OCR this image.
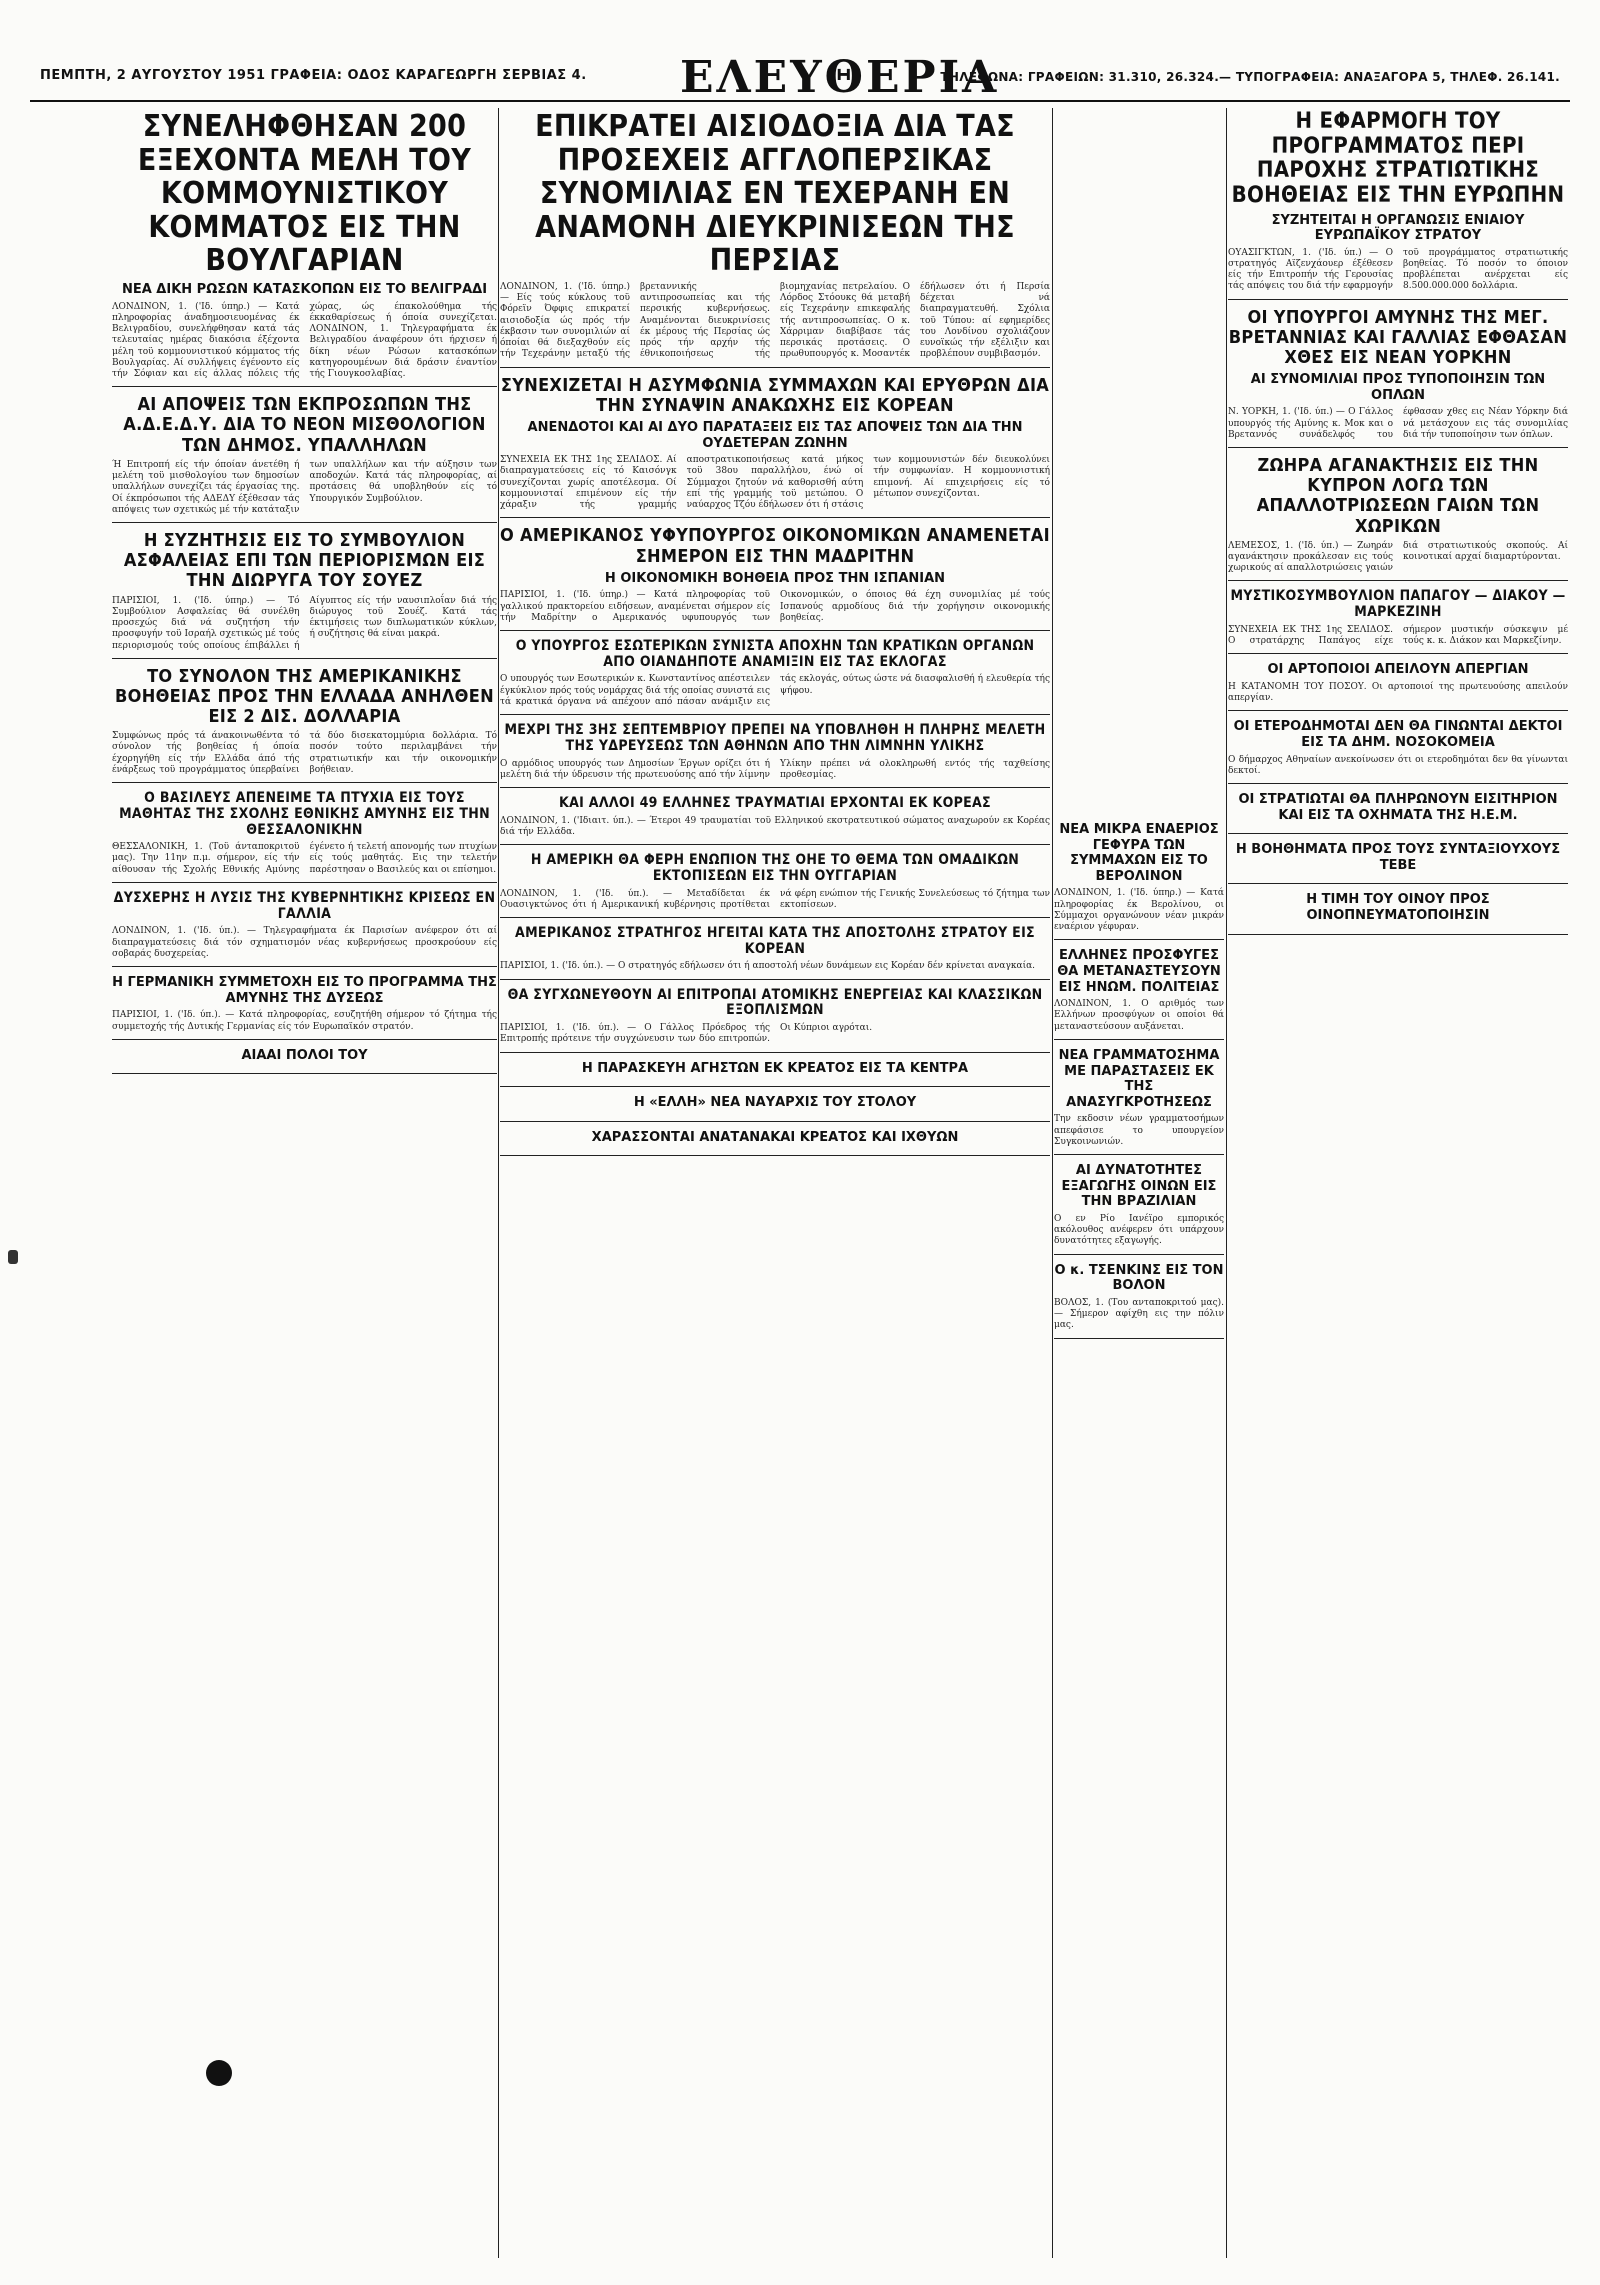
ΠΕΜΠΤΗ, 2 ΑΥΓΟΥΣΤΟΥ 1951 ΓΡΑΦΕΙΑ: ΟΔΟΣ ΚΑΡΑΓΕΩΡΓΗ ΣΕΡΒΙΑΣ 4. ΕΛΕΥΘΕΡΙΑ
ΤΗΛΕΦΩΝΑ: ΓΡΑΦΕΙΩΝ: 31.310, 26.324.— ΤΥΠΟΓΡΑΦΕΙΑ: ΑΝΑΞΑΓΟΡΑ 5, ΤΗΛΕΦ. 26.141.
ΣΥΝΕΛΗΦΘΗΣΑΝ 200 ΕΞΕΧΟΝΤΑ ΜΕΛΗ ΤΟΥ ΚΟΜΜΟΥΝΙΣΤΙΚΟΥ ΚΟΜΜΑΤΟΣ ΕΙΣ ΤΗΝ ΒΟΥΛΓΑΡΙΑΝ
ΝΕΑ ΔΙΚΗ ΡΩΣΩΝ ΚΑΤΑΣΚΟΠΩΝ ΕΙΣ ΤΟ ΒΕΛΙΓΡΑΔΙ

ΛΟΝΔΙΝΟΝ, 1. ('Ιδ. ύπηρ.) — Κατά πληροφορίας άναδημοσιευομένας έκ Βελιγραδίου, συνελήφθησαν κατά τάς τελευταίας ημέρας διακόσια έξέχοντα μέλη τοϋ κομμουνιστικού κόμματος τής Βουλγαρίας. Αί συλλήψεις έγένοντο είς τήν Σόφιαν και είς άλλας πόλεις τής χώρας, ώς έπακολούθημα τής έκκαθαρίσεως ή όποία συνεχίζεται. ΛΟΝΔΙΝΟΝ, 1. Τηλεγραφήματα έκ Βελιγραδίου άναφέρουν ότι ήρχισεν ή δίκη νέων Ρώσων κατασκόπων κατηγορουμένων διά δράσιν έναντίον τής Γιουγκοσλαβίας.

ΑΙ ΑΠΟΨΕΙΣ ΤΩΝ ΕΚΠΡΟΣΩΠΩΝ ΤΗΣ Α.Δ.Ε.Δ.Υ. ΔΙΑ ΤΟ ΝΕΟΝ ΜΙΣΘΟΛΟΓΙΟΝ ΤΩΝ ΔΗΜΟΣ. ΥΠΑΛΛΗΛΩΝ

Ή Επιτροπή είς τήν όποίαν άνετέθη ή μελέτη τοϋ μισθολογίου των δημοσίων υπαλλήλων συνεχίζει τάς έργασίας της. Οί έκπρόσωποι τής ΑΔΕΔΥ έξέθεσαν τάς απόψεις των σχετικώς μέ τήν κατάταξιν των υπαλλήλων και τήν αύξησιν των αποδοχών. Κατά τάς πληροφορίας, αί προτάσεις θά υποβληθούν είς τό Υπουργικόν Συμβούλιον.

Η ΣΥΖΗΤΗΣΙΣ ΕΙΣ ΤΟ ΣΥΜΒΟΥΛΙΟΝ ΑΣΦΑΛΕΙΑΣ ΕΠΙ ΤΩΝ ΠΕΡΙΟΡΙΣΜΩΝ ΕΙΣ ΤΗΝ ΔΙΩΡΥΓΑ ΤΟΥ ΣΟΥΕΖ

ΠΑΡΙΣΙΟΙ, 1. ('Ιδ. ύπηρ.) — Τό Συμβούλιον Ασφαλείας θά συνέλθη προσεχώς διά νά συζητήση τήν προσφυγήν τοϋ Ισραήλ σχετικώς μέ τούς περιορισμούς τούς οποίους έπιβάλλει ή Αίγυπτος είς τήν ναυσιπλοΐαν διά τής διώρυγος τοϋ Σουέζ. Κατά τάς έκτιμήσεις των διπλωματικών κύκλων, ή συζήτησις θά είναι μακρά.

ΤΟ ΣΥΝΟΛΟΝ ΤΗΣ ΑΜΕΡΙΚΑΝΙΚΗΣ ΒΟΗΘΕΙΑΣ ΠΡΟΣ ΤΗΝ ΕΛΛΑΔΑ ΑΝΗΛΘΕΝ ΕΙΣ 2 ΔΙΣ. ΔΟΛΛΑΡΙΑ

Συμφώνως πρός τά άνακοινωθέντα τό σύνολον τής βοηθείας ή όποία έχορηγήθη είς τήν Ελλάδα άπό τής ένάρξεως τοϋ προγράμματος ύπερβαίνει τά δύο δισεκατομμύρια δολλάρια. Τό ποσόν τούτο περιλαμβάνει τήν στρατιωτικήν και τήν οικονομικήν βοήθειαν.

Ο ΒΑΣΙΛΕΥΣ ΑΠΕΝΕΙΜΕ ΤΑ ΠΤΥΧΙΑ ΕΙΣ ΤΟΥΣ ΜΑΘΗΤΑΣ ΤΗΣ ΣΧΟΛΗΣ ΕΘΝΙΚΗΣ ΑΜΥΝΗΣ ΕΙΣ ΤΗΝ ΘΕΣΣΑΛΟΝΙΚΗΝ

ΘΕΣΣΑΛΟΝΙΚΗ, 1. (Τοϋ άνταποκριτοϋ μας). Την 11ην π.μ. σήμερον, είς τήν αίθουσαν τής Σχολής Εθνικής Αμύνης έγένετο ή τελετή απονομής των πτυχίων είς τούς μαθητάς. Εις την τελετήν παρέστησαν ο Βασιλεύς και οι επίσημοι.

ΔΥΣΧΕΡΗΣ Η ΛΥΣΙΣ ΤΗΣ ΚΥΒΕΡΝΗΤΙΚΗΣ ΚΡΙΣΕΩΣ ΕΝ ΓΑΛΛΙΑ

ΛΟΝΔΙΝΟΝ, 1. ('Ιδ. ύπ.). — Τηλεγραφήματα έκ Παρισίων ανέφερον ότι αί διαπραγματεύσεις διά τόν σχηματισμόν νέας κυβερνήσεως προσκρούουν είς σοβαράς δυσχερείας.

Η ΓΕΡΜΑΝΙΚΗ ΣΥΜΜΕΤΟΧΗ ΕΙΣ ΤΟ ΠΡΟΓΡΑΜΜΑ ΤΗΣ ΑΜΥΝΗΣ ΤΗΣ ΔΥΣΕΩΣ

ΠΑΡΙΣΙΟΙ, 1. ('Ιδ. ύπ.). — Κατά πληροφορίας, εσυζητήθη σήμερον τό ζήτημα τής συμμετοχής τής Δυτικής Γερμανίας είς τόν Ευρωπαϊκόν στρατόν.

ΑΙΑΑΙ ΠΟΛΟΙ ΤΟΥ
ΕΠΙΚΡΑΤΕΙ ΑΙΣΙΟΔΟΞΙΑ ΔΙΑ ΤΑΣ ΠΡΟΣΕΧΕΙΣ ΑΓΓΛΟΠΕΡΣΙΚΑΣ ΣΥΝΟΜΙΛΙΑΣ ΕΝ ΤΕΧΕΡΑΝΗ ΕΝ ΑΝΑΜΟΝΗ ΔΙΕΥΚΡΙΝΙΣΕΩΝ ΤΗΣ ΠΕΡΣΙΑΣ

ΛΟΝΔΙΝΟΝ, 1. ('Ιδ. ύπηρ.) — Είς τούς κύκλους τοϋ Φόρεϊν Όφφις επικρατεί αισιοδοξία ώς πρός τήν έκβασιν των συνομιλιών αί όποίαι θά διεξαχθούν είς τήν Τεχεράνην μεταξύ τής βρεταννικής αντιπροσωπείας και τής περσικής κυβερνήσεως. Αναμένονται διευκρινίσεις έκ μέρους τής Περσίας ώς πρός τήν αρχήν τής έθνικοποιήσεως τής βιομηχανίας πετρελαίου. Ο Λόρδος Στόουκς θά μεταβή είς Τεχεράνην επικεφαλής τής αντιπροσωπείας. Ο κ. Χάρριμαν διαβίβασε τάς περσικάς προτάσεις. Ο πρωθυπουργός κ. Μοσαντέκ έδήλωσεν ότι ή Περσία δέχεται νά διαπραγματευθή. Σχόλια τοϋ Τύπου: αί εφημερίδες του Λονδίνου σχολιάζουν ευνοϊκώς τήν εξέλιξιν και προβλέπουν συμβιβασμόν.

ΣΥΝΕΧΙΖΕΤΑΙ Η ΑΣΥΜΦΩΝΙΑ ΣΥΜΜΑΧΩΝ ΚΑΙ ΕΡΥΘΡΩΝ ΔΙΑ ΤΗΝ ΣΥΝΑΨΙΝ ΑΝΑΚΩΧΗΣ ΕΙΣ ΚΟΡΕΑΝ
ΑΝΕΝΔΟΤΟΙ ΚΑΙ ΑΙ ΔΥΟ ΠΑΡΑΤΑΞΕΙΣ ΕΙΣ ΤΑΣ ΑΠΟΨΕΙΣ ΤΩΝ ΔΙΑ ΤΗΝ ΟΥΔΕΤΕΡΑΝ ΖΩΝΗΝ

ΣΥΝΕΧΕΙΑ ΕΚ ΤΗΣ 1ης ΣΕΛΙΔΟΣ. Αί διαπραγματεύσεις είς τό Καισόνγκ συνεχίζονται χωρίς αποτέλεσμα. Οί κομμουνισταί επιμένουν είς τήν χάραξιν τής γραμμής αποστρατικοποιήσεως κατά μήκος τοϋ 38ου παραλλήλου, ένώ οί Σύμμαχοι ζητούν νά καθορισθή αύτη επί τής γραμμής τοϋ μετώπου. Ο ναύαρχος Τζόυ έδήλωσεν ότι ή στάσις των κομμουνιστών δέν διευκολύνει τήν συμφωνίαν. Η κομμουνιστική επιμονή. Αί επιχειρήσεις είς τό μέτωπον συνεχίζονται.

Ο ΑΜΕΡΙΚΑΝΟΣ ΥΦΥΠΟΥΡΓΟΣ ΟΙΚΟΝΟΜΙΚΩΝ ΑΝΑΜΕΝΕΤΑΙ ΣΗΜΕΡΟΝ ΕΙΣ ΤΗΝ ΜΑΔΡΙΤΗΝ
Η ΟΙΚΟΝΟΜΙΚΗ ΒΟΗΘΕΙΑ ΠΡΟΣ ΤΗΝ ΙΣΠΑΝΙΑΝ

ΠΑΡΙΣΙΟΙ, 1. ('Ιδ. ύπηρ.) — Κατά πληροφορίας τοϋ γαλλικού πρακτορείου ειδήσεων, αναμένεται σήμερον είς τήν Μαδρίτην ο Αμερικανός υφυπουργός των Οικονομικών, ο όποιος θά έχη συνομιλίας μέ τούς Ισπανούς αρμοδίους διά τήν χορήγησιν οικονομικής βοηθείας.

Ο ΥΠΟΥΡΓΟΣ ΕΣΩΤΕΡΙΚΩΝ ΣΥΝΙΣΤΑ ΑΠΟΧΗΝ ΤΩΝ ΚΡΑΤΙΚΩΝ ΟΡΓΑΝΩΝ ΑΠΟ ΟΙΑΝΔΗΠΟΤΕ ΑΝΑΜΙΞΙΝ ΕΙΣ ΤΑΣ ΕΚΛΟΓΑΣ

Ο υπουργός των Εσωτερικών κ. Κωνσταντίνος απέστειλεν έγκύκλιον πρός τούς νομάρχας διά τής οποίας συνιστά εις τά κρατικά όργανα νά απέχουν από πάσαν ανάμιξιν εις τάς εκλογάς, ούτως ώστε νά διασφαλισθή ή ελευθερία τής ψήφου.

ΜΕΧΡΙ ΤΗΣ 3ΗΣ ΣΕΠΤΕΜΒΡΙΟΥ ΠΡΕΠΕΙ ΝΑ ΥΠΟΒΛΗΘΗ Η ΠΛΗΡΗΣ ΜΕΛΕΤΗ ΤΗΣ ΥΔΡΕΥΣΕΩΣ ΤΩΝ ΑΘΗΝΩΝ ΑΠΟ ΤΗΝ ΛΙΜΝΗΝ ΥΛΙΚΗΣ

Ο αρμόδιος υπουργός των Δημοσίων Έργων ορίζει ότι ή μελέτη διά τήν ύδρευσιν τής πρωτευούσης από τήν λίμνην Υλίκην πρέπει νά ολοκληρωθή εντός τής ταχθείσης προθεσμίας.

ΚΑΙ ΑΛΛΟΙ 49 ΕΛΛΗΝΕΣ ΤΡΑΥΜΑΤΙΑΙ ΕΡΧΟΝΤΑΙ ΕΚ ΚΟΡΕΑΣ

ΛΟΝΔΙΝΟΝ, 1. ('Ιδιαιτ. ύπ.). — Έτεροι 49 τραυματίαι τοϋ Ελληνικού εκστρατευτικού σώματος αναχωρούν εκ Κορέας διά τήν Ελλάδα.

Η ΑΜΕΡΙΚΗ ΘΑ ΦΕΡΗ ΕΝΩΠΙΟΝ ΤΗΣ ΟΗΕ ΤΟ ΘΕΜΑ ΤΩΝ ΟΜΑΔΙΚΩΝ ΕΚΤΟΠΙΣΕΩΝ ΕΙΣ ΤΗΝ ΟΥΓΓΑΡΙΑΝ

ΛΟΝΔΙΝΟΝ, 1. ('Ιδ. ύπ.). — Μεταδίδεται έκ Ουασιγκτώνος ότι ή Αμερικανική κυβέρνησις προτίθεται νά φέρη ενώπιον τής Γενικής Συνελεύσεως τό ζήτημα των εκτοπίσεων.

ΑΜΕΡΙΚΑΝΟΣ ΣΤΡΑΤΗΓΟΣ ΗΓΕΙΤΑΙ ΚΑΤΑ ΤΗΣ ΑΠΟΣΤΟΛΗΣ ΣΤΡΑΤΟΥ ΕΙΣ ΚΟΡΕΑΝ

ΠΑΡΙΣΙΟΙ, 1. ('Ιδ. ύπ.). — Ο στρατηγός εδήλωσεν ότι ή αποστολή νέων δυνάμεων εις Κορέαν δέν κρίνεται αναγκαία.

ΘΑ ΣΥΓΧΩΝΕΥΘΟΥΝ ΑΙ ΕΠΙΤΡΟΠΑΙ ΑΤΟΜΙΚΗΣ ΕΝΕΡΓΕΙΑΣ ΚΑΙ ΚΛΑΣΣΙΚΩΝ ΕΞΟΠΛΙΣΜΩΝ

ΠΑΡΙΣΙΟΙ, 1. ('Ιδ. ύπ.). — Ο Γάλλος Πρόεδρος τής Επιτροπής πρότεινε τήν συγχώνευσιν των δύο επιτροπών. Οι Κύπριοι αγρόται.

Η ΠΑΡΑΣΚΕΥΗ ΑΓΗΣΤΩΝ ΕΚ ΚΡΕΑΤΟΣ ΕΙΣ ΤΑ ΚΕΝΤΡΑ
Η «ΕΛΛΗ» ΝΕΑ ΝΑΥΑΡΧΙΣ ΤΟΥ ΣΤΟΛΟΥ
ΧΑΡΑΣΣΟΝΤΑΙ ΑΝΑΤΑΝΑΚΑΙ ΚΡΕΑΤΟΣ ΚΑΙ ΙΧΘΥΩΝ
ΝΕΑ ΜΙΚΡΑ ΕΝΑΕΡΙΟΣ ΓΕΦΥΡΑ ΤΩΝ ΣΥΜΜΑΧΩΝ ΕΙΣ ΤΟ ΒΕΡΟΛΙΝΟΝ

ΛΟΝΔΙΝΟΝ, 1. ('Ιδ. ύπηρ.) — Κατά πληροφορίας έκ Βερολίνου, οι Σύμμαχοι οργανώνουν νέαν μικράν εναέριον γέφυραν.

ΕΛΛΗΝΕΣ ΠΡΟΣΦΥΓΕΣ ΘΑ ΜΕΤΑΝΑΣΤΕΥΣΟΥΝ ΕΙΣ ΗΝΩΜ. ΠΟΛΙΤΕΙΑΣ

ΛΟΝΔΙΝΟΝ, 1. Ο αριθμός των Ελλήνων προσφύγων οι οποίοι θά μεταναστεύσουν αυξάνεται.

ΝΕΑ ΓΡΑΜΜΑΤΟΣΗΜΑ ΜΕ ΠΑΡΑΣΤΑΣΕΙΣ ΕΚ ΤΗΣ ΑΝΑΣΥΓΚΡΟΤΗΣΕΩΣ

Την εκδοσιν νέων γραμματοσήμων απεφάσισε το υπουργείον Συγκοινωνιών.

ΑΙ ΔΥΝΑΤΟΤΗΤΕΣ ΕΞΑΓΩΓΗΣ ΟΙΝΩΝ ΕΙΣ ΤΗΝ ΒΡΑΖΙΛΙΑΝ

Ο εν Ρίο Ιανέϊρο εμπορικός ακόλουθος ανέφερεν ότι υπάρχουν δυνατότητες εξαγωγής.

Ο κ. ΤΣΕΝΚΙΝΣ ΕΙΣ ΤΟΝ ΒΟΛΟΝ

ΒΟΛΟΣ, 1. (Του ανταποκριτού μας). — Σήμερον αφίχθη εις την πόλιν μας.

Η ΕΦΑΡΜΟΓΗ ΤΟΥ ΠΡΟΓΡΑΜΜΑΤΟΣ ΠΕΡΙ ΠΑΡΟΧΗΣ ΣΤΡΑΤΙΩΤΙΚΗΣ ΒΟΗΘΕΙΑΣ ΕΙΣ ΤΗΝ ΕΥΡΩΠΗΝ
ΣΥΖΗΤΕΙΤΑΙ Η ΟΡΓΑΝΩΣΙΣ ΕΝΙΑΙΟΥ ΕΥΡΩΠΑΪΚΟΥ ΣΤΡΑΤΟΥ

ΟΥΑΣΙΓΚΤΩΝ, 1. ('Ιδ. ύπ.) — Ο στρατηγός Αϊζενχάουερ έξέθεσεν είς τήν Επιτροπήν τής Γερουσίας τάς απόψεις του διά τήν εφαρμογήν τοϋ προγράμματος στρατιωτικής βοηθείας. Τό ποσόν το όποιον προβλέπεται ανέρχεται είς 8.500.000.000 δολλάρια.

ΟΙ ΥΠΟΥΡΓΟΙ ΑΜΥΝΗΣ ΤΗΣ ΜΕΓ. ΒΡΕΤΑΝΝΙΑΣ ΚΑΙ ΓΑΛΛΙΑΣ ΕΦΘΑΣΑΝ ΧΘΕΣ ΕΙΣ ΝΕΑΝ ΥΟΡΚΗΝ
ΑΙ ΣΥΝΟΜΙΛΙΑΙ ΠΡΟΣ ΤΥΠΟΠΟΙΗΣΙΝ ΤΩΝ ΟΠΛΩΝ

Ν. ΥΟΡΚΗ, 1. ('Ιδ. ύπ.) — Ο Γάλλος υπουργός τής Αμύνης κ. Μοκ και ο Βρεταννός συνάδελφός του έφθασαν χθες εις Νέαν Υόρκην διά νά μετάσχουν εις τάς συνομιλίας διά τήν τυποποίησιν των όπλων.

ΖΩΗΡΑ ΑΓΑΝΑΚΤΗΣΙΣ ΕΙΣ ΤΗΝ ΚΥΠΡΟΝ ΛΟΓΩ ΤΩΝ ΑΠΑΛΛΟΤΡΙΩΣΕΩΝ ΓΑΙΩΝ ΤΩΝ ΧΩΡΙΚΩΝ

ΛΕΜΕΣΟΣ, 1. ('Ιδ. ύπ.) — Ζωηράν αγανάκτησιν προκάλεσαν εις τούς χωρικούς αί απαλλοτριώσεις γαιών διά στρατιωτικούς σκοπούς. Αί κοινοτικαί αρχαί διαμαρτύρονται.

ΜΥΣΤΙΚΟΣΥΜΒΟΥΛΙΟΝ ΠΑΠΑΓΟΥ — ΔΙΑΚΟΥ — ΜΑΡΚΕΖΙΝΗ

ΣΥΝΕΧΕΙΑ ΕΚ ΤΗΣ 1ης ΣΕΛΙΔΟΣ. Ο στρατάρχης Παπάγος είχε σήμερον μυστικήν σύσκεψιν μέ τούς κ. κ. Διάκον και Μαρκεζίνην.

ΟΙ ΑΡΤΟΠΟΙΟΙ ΑΠΕΙΛΟΥΝ ΑΠΕΡΓΙΑΝ

Η ΚΑΤΑΝΟΜΗ ΤΟΥ ΠΟΣΟΥ. Οι αρτοποιοί της πρωτευούσης απειλούν απεργίαν.

ΟΙ ΕΤΕΡΟΔΗΜΟΤΑΙ ΔΕΝ ΘΑ ΓΙΝΩΝΤΑΙ ΔΕΚΤΟΙ ΕΙΣ ΤΑ ΔΗΜ. ΝΟΣΟΚΟΜΕΙΑ

Ο δήμαρχος Αθηναίων ανεκοίνωσεν ότι οι ετεροδημόται δεν θα γίνωνται δεκτοί.

ΟΙ ΣΤΡΑΤΙΩΤΑΙ ΘΑ ΠΛΗΡΩΝΟΥΝ ΕΙΣΙΤΗΡΙΟΝ ΚΑΙ ΕΙΣ ΤΑ ΟΧΗΜΑΤΑ ΤΗΣ Η.Ε.Μ.
Η ΒΟΗΘΗΜΑΤΑ ΠΡΟΣ ΤΟΥΣ ΣΥΝΤΑΞΙΟΥΧΟΥΣ ΤΕΒΕ
Η ΤΙΜΗ ΤΟΥ ΟΙΝΟΥ ΠΡΟΣ ΟΙΝΟΠΝΕΥΜΑΤΟΠΟΙΗΣΙΝ
